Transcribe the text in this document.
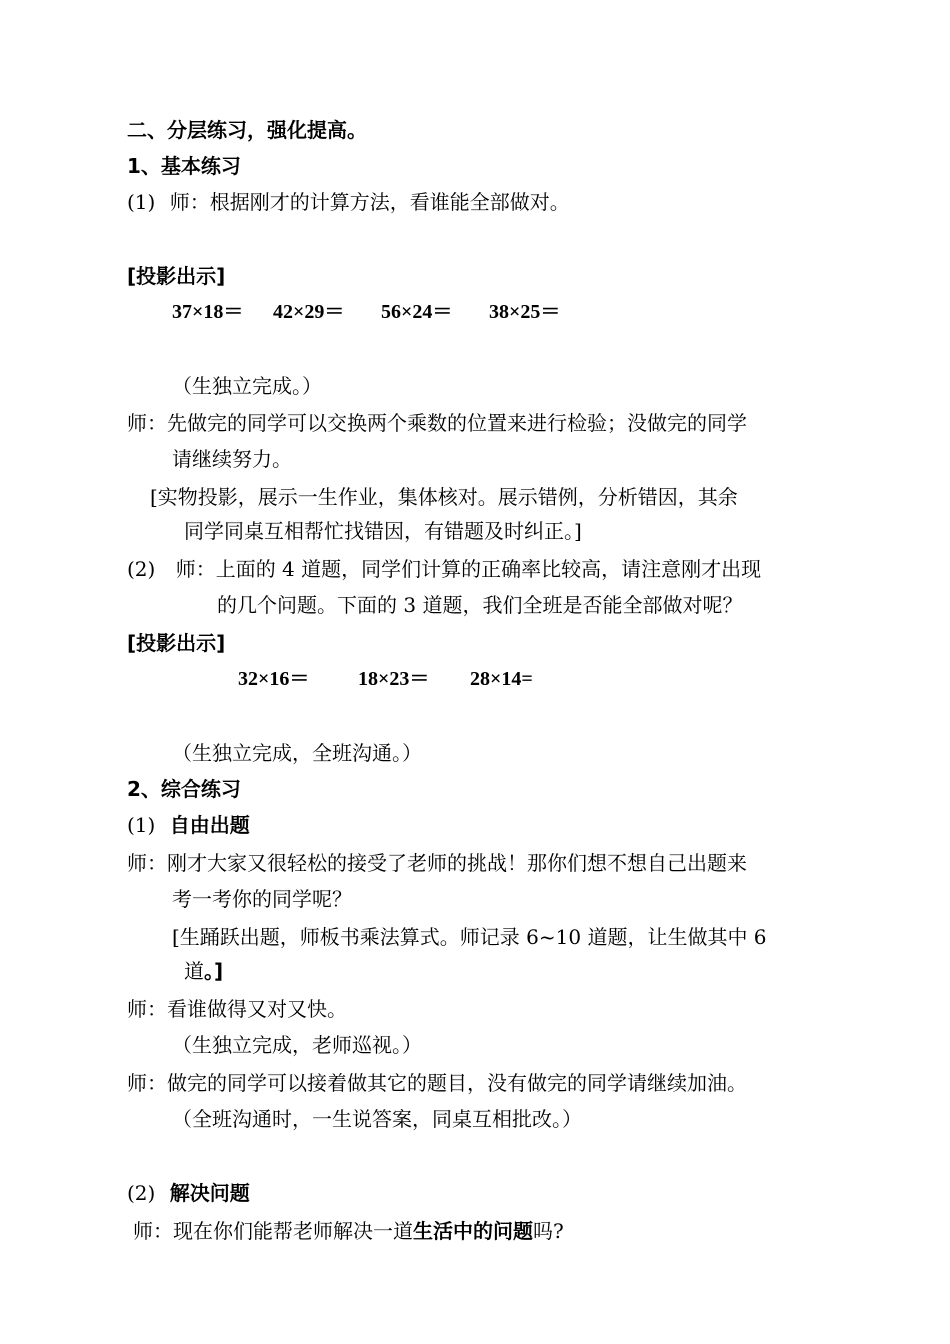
二、分层练习，强化提高。
1、基本练习
(1) 师：根据刚才的计算方法，看谁能全部做对。
[投影出示]
37×18＝ 42×29＝ 56×24＝ 38×25＝
（生独立完成。）
师：先做完的同学可以交换两个乘数的位置来进行检验；没做完的同学
请继续努力。
[实物投影，展示一生作业，集体核对。展示错例，分析错因，其余
同学同桌互相帮忙找错因，有错题及时纠正。]
(2) 师：上面的 4 道题，同学们计算的正确率比较高，请注意刚才出现
的几个问题。下面的 3 道题，我们全班是否能全部做对呢？
[投影出示]
32×16＝ 18×23＝ 28×14=
（生独立完成，全班沟通。）
2、综合练习
(1) 自由出题
师：刚才大家又很轻松的接受了老师的挑战！那你们想不想自己出题来
考一考你的同学呢？
[生踊跃出题，师板书乘法算式。师记录 6~10 道题，让生做其中 6
道。]
师：看谁做得又对又快。
（生独立完成，老师巡视。）
师：做完的同学可以接着做其它的题目，没有做完的同学请继续加油。
（全班沟通时，一生说答案，同桌互相批改。）
(2) 解决问题
师：现在你们能帮老师解决一道生活中的问题吗?
